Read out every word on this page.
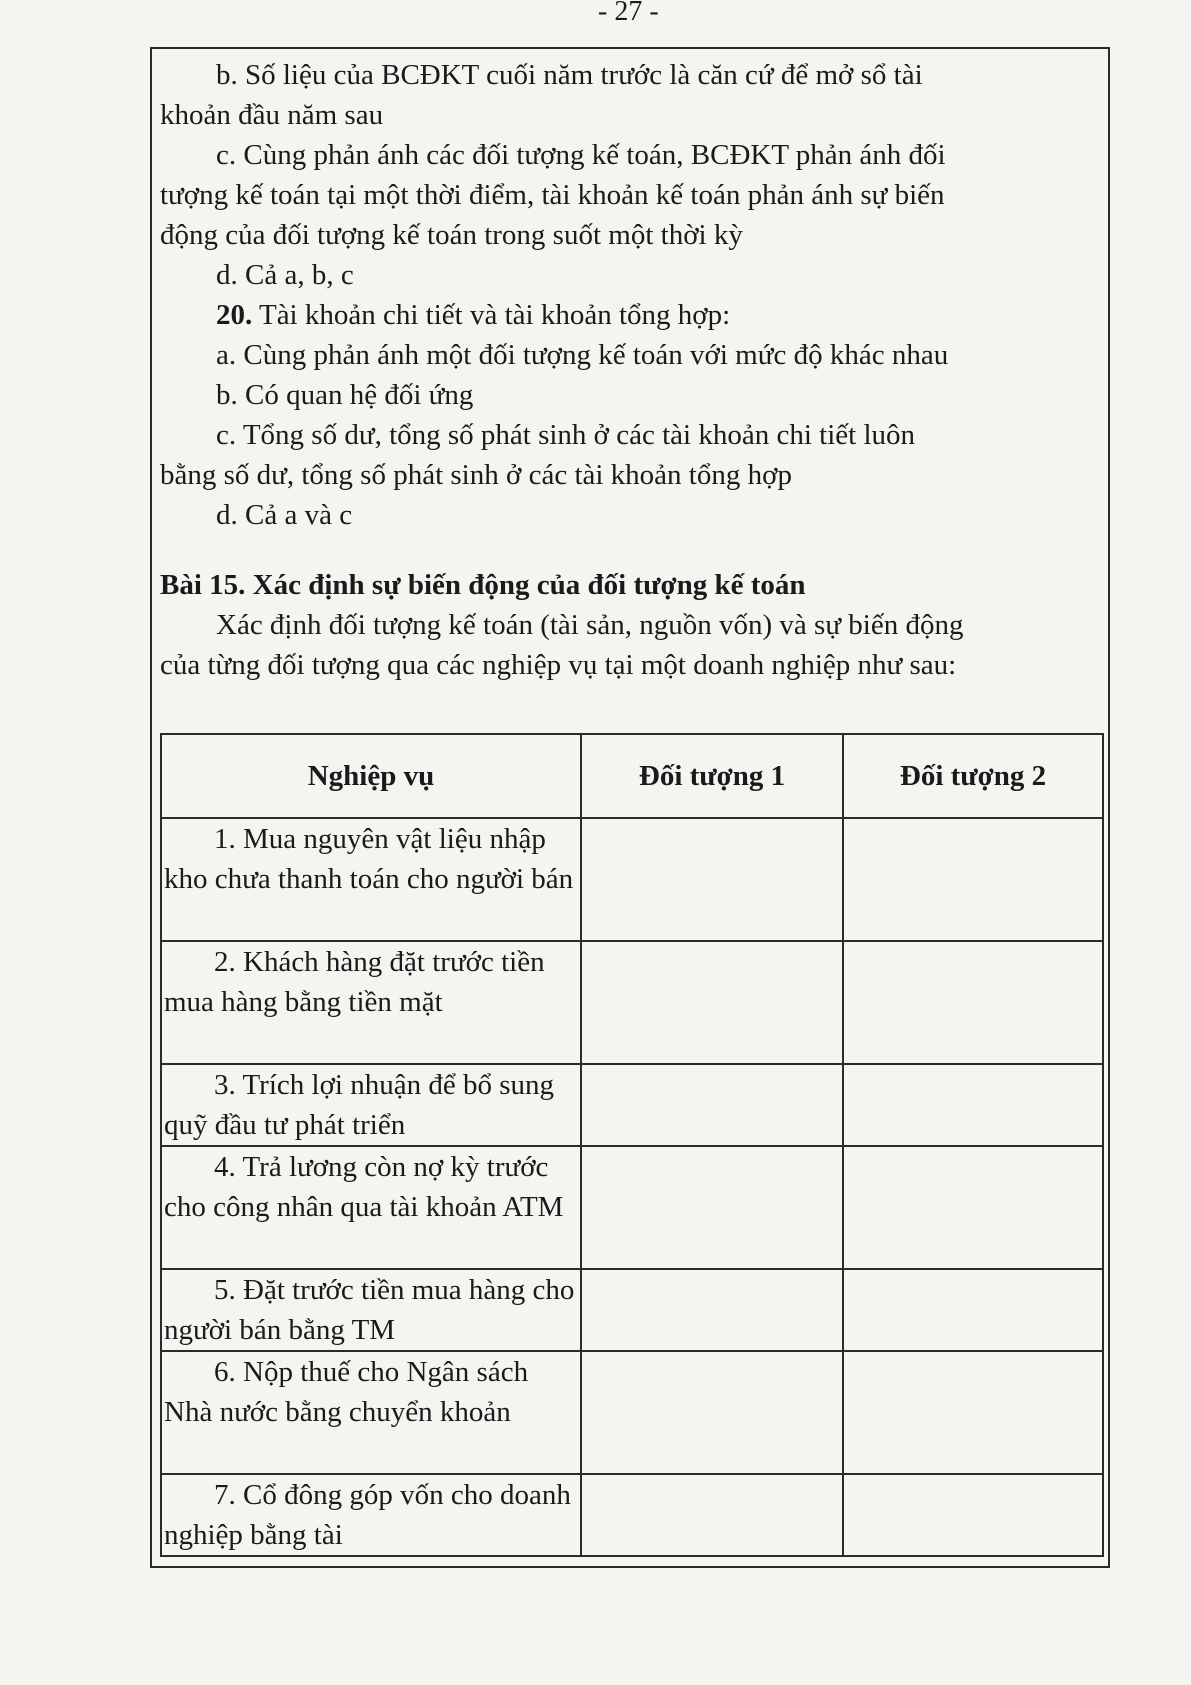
- 27 -

b. Số liệu của BCĐKT cuối năm trước là căn cứ để mở sổ tài

khoản đầu năm sau

c. Cùng phản ánh các đối tượng kế toán, BCĐKT phản ánh đối

tượng kế toán tại một thời điểm, tài khoản kế toán phản ánh sự biến

động của đối tượng kế toán trong suốt một thời kỳ

d. Cả a, b, c

20. Tài khoản chi tiết và tài khoản tổng hợp:

a. Cùng phản ánh một đối tượng kế toán với mức độ khác nhau

b. Có quan hệ đối ứng

c. Tổng số dư, tổng số phát sinh ở các tài khoản chi tiết luôn

bằng số dư, tổng số phát sinh ở các tài khoản tổng hợp

d. Cả a và c

Bài 15. Xác định sự biến động của đối tượng kế toán

Xác định đối tượng kế toán (tài sản, nguồn vốn) và sự biến động

của từng đối tượng qua các nghiệp vụ tại một doanh nghiệp như sau:

Nghiệp vụ	Đối tượng 1	Đối tượng 2

1. Mua nguyên vật liệu nhập kho chưa thanh toán cho người bán		

2. Khách hàng đặt trước tiền mua hàng bằng tiền mặt		

3. Trích lợi nhuận để bổ sung quỹ đầu tư phát triển		

4. Trả lương còn nợ kỳ trước cho công nhân qua tài khoản ATM		

5. Đặt trước tiền mua hàng cho người bán bằng TM		

6. Nộp thuế cho Ngân sách Nhà nước bằng chuyển khoản		

7. Cổ đông góp vốn cho doanh nghiệp bằng tài		
